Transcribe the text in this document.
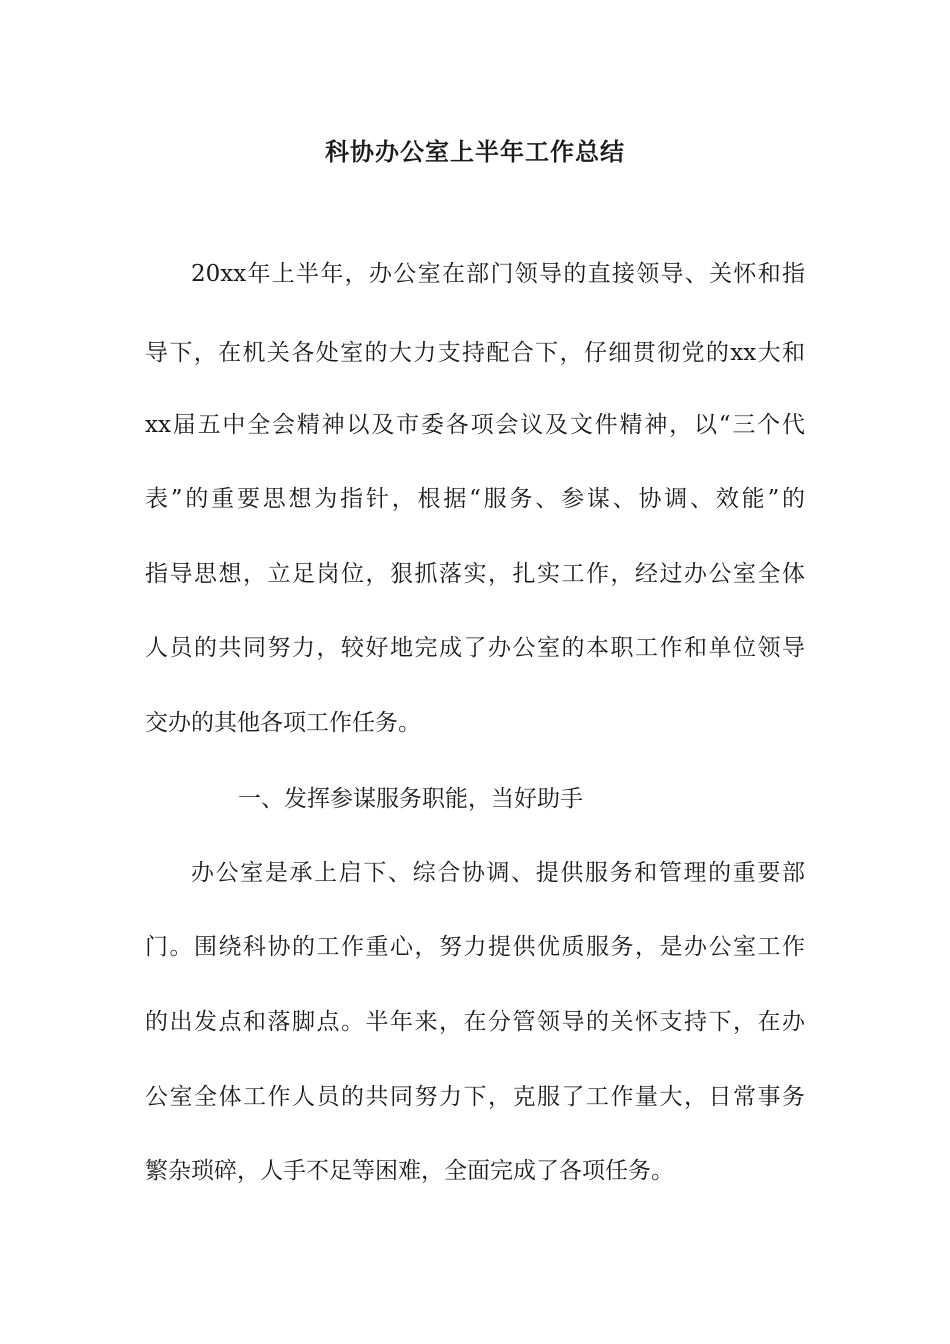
科协办公室上半年工作总结

20xx年上半年，办公室在部门领导的直接领导、关怀和指

导下，在机关各处室的大力支持配合下，仔细贯彻党的xx大和

xx届五中全会精神以及市委各项会议及文件精神，以“三个代

表”的重要思想为指针，根据“服务、参谋、协调、效能”的

指导思想，立足岗位，狠抓落实，扎实工作，经过办公室全体

人员的共同努力，较好地完成了办公室的本职工作和单位领导

交办的其他各项工作任务。

一、发挥参谋服务职能，当好助手

办公室是承上启下、综合协调、提供服务和管理的重要部

门。围绕科协的工作重心，努力提供优质服务，是办公室工作

的出发点和落脚点。半年来，在分管领导的关怀支持下，在办

公室全体工作人员的共同努力下，克服了工作量大，日常事务

繁杂琐碎，人手不足等困难，全面完成了各项任务。
